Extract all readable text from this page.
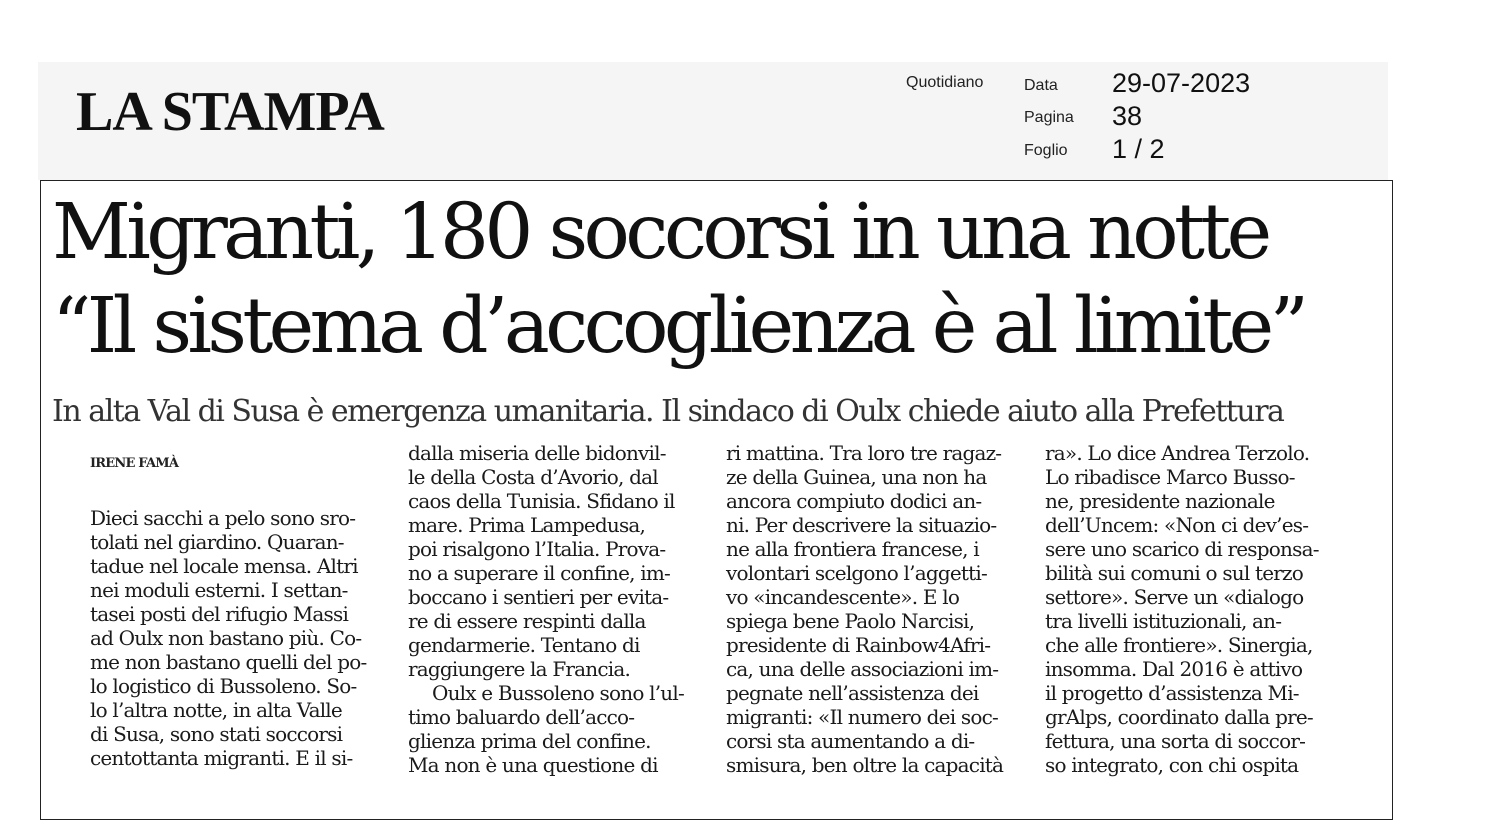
LA STAMPA	Quotidiano	Data 29-07-2023
Pagina 38
Foglio 1 / 2
Migranti, 180 soccorsi in una notte
“Il sistema d’accoglienza è al limite”
In alta Val di Susa è emergenza umanitaria. Il sindaco di Oulx chiede aiuto alla Prefettura
IRENE FAMÀ
Dieci sacchi a pelo sono sro-
tolati nel giardino. Quaran-
tadue nel locale mensa. Altri
nei moduli esterni. I settan-
tasei posti del rifugio Massi
ad Oulx non bastano più. Co-
me non bastano quelli del po-
lo logistico di Bussoleno. So-
lo l’altra notte, in alta Valle
di Susa, sono stati soccorsi
centottanta migranti. E il si-
dalla miseria delle bidonvil-
le della Costa d’Avorio, dal
caos della Tunisia. Sfidano il
mare. Prima Lampedusa,
poi risalgono l’Italia. Prova-
no a superare il confine, im-
boccano i sentieri per evita-
re di essere respinti dalla
gendarmerie. Tentano di
raggiungere la Francia.
Oulx e Bussoleno sono l’ul-
timo baluardo dell’acco-
glienza prima del confine.
Ma non è una questione di
ri mattina. Tra loro tre ragaz-
ze della Guinea, una non ha
ancora compiuto dodici an-
ni. Per descrivere la situazio-
ne alla frontiera francese, i
volontari scelgono l’aggetti-
vo «incandescente». E lo
spiega bene Paolo Narcisi,
presidente di Rainbow4Afri-
ca, una delle associazioni im-
pegnate nell’assistenza dei
migranti: «Il numero dei soc-
corsi sta aumentando a di-
smisura, ben oltre la capacità
ra». Lo dice Andrea Terzolo.
Lo ribadisce Marco Busso-
ne, presidente nazionale
dell’Uncem: «Non ci dev’es-
sere uno scarico di responsa-
bilità sui comuni o sul terzo
settore». Serve un «dialogo
tra livelli istituzionali, an-
che alle frontiere». Sinergia,
insomma. Dal 2016 è attivo
il progetto d’assistenza Mi-
grAlps, coordinato dalla pre-
fettura, una sorta di soccor-
so integrato, con chi ospita
